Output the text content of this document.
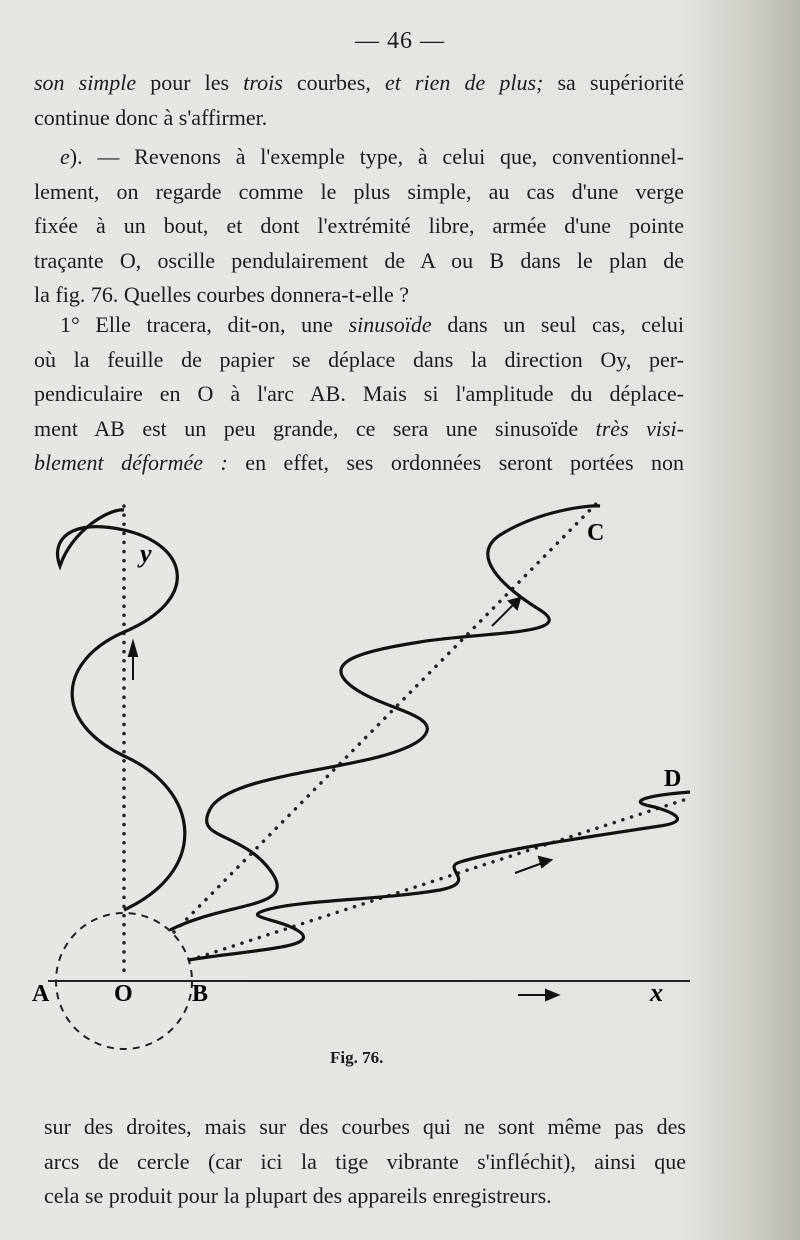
— 46 —
son simple pour les trois courbes, et rien de plus; sa supériorité
continue donc à s'affirmer.
e). — Revenons à l'exemple type, à celui que, conventionnel-
lement, on regarde comme le plus simple, au cas d'une verge
fixée à un bout, et dont l'extrémité libre, armée d'une pointe
traçante O, oscille pendulairement de A ou B dans le plan de
la fig. 76. Quelles courbes donnera-t-elle ?
1° Elle tracera, dit-on, une sinusoïde dans un seul cas, celui
où la feuille de papier se déplace dans la direction Oy, per-
pendiculaire en O à l'arc AB. Mais si l'amplitude du déplace-
ment AB est un peu grande, ce sera une sinusoïde très visi-
blement déformée : en effet, ses ordonnées seront portées non
y
C
D
A	O B	x
Fig. 76.
sur des droites, mais sur des courbes qui ne sont même pas des
arcs de cercle (car ici la tige vibrante s'infléchit), ainsi que
cela se produit pour la plupart des appareils enregistreurs.
